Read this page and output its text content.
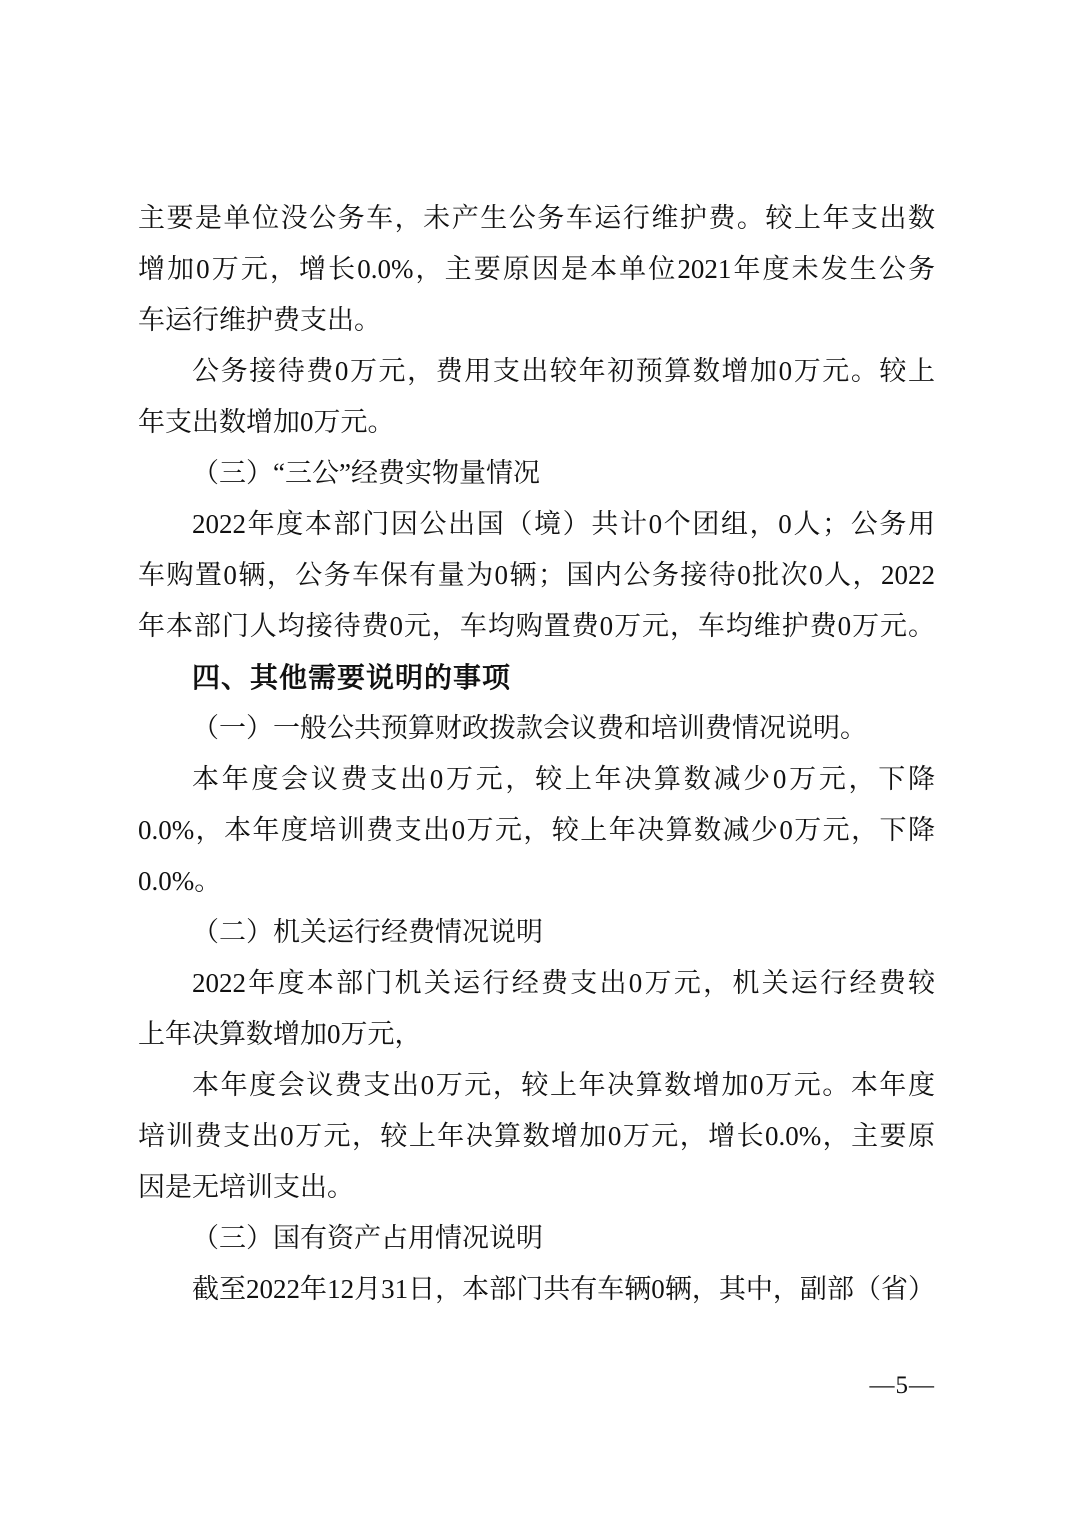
主要是单位没公务车，未产生公务车运行维护费。较上年支出数

增加0万元，增长0.0%，主要原因是本单位2021年度未发生公务

车运行维护费支出。

公务接待费0万元，费用支出较年初预算数增加0万元。较上

年支出数增加0万元。

（三）“三公”经费实物量情况

2022年度本部门因公出国（境）共计0个团组，0人；公务用

车购置0辆，公务车保有量为0辆；国内公务接待0批次0人，2022

年本部门人均接待费0元，车均购置费0万元，车均维护费0万元。

四、其他需要说明的事项

（一）一般公共预算财政拨款会议费和培训费情况说明。

本年度会议费支出0万元，较上年决算数减少0万元，下降

0.0%，本年度培训费支出0万元，较上年决算数减少0万元，下降

0.0%。

（二）机关运行经费情况说明

2022年度本部门机关运行经费支出0万元，机关运行经费较

上年决算数增加0万元，

本年度会议费支出0万元，较上年决算数增加0万元。本年度

培训费支出0万元，较上年决算数增加0万元，增长0.0%，主要原

因是无培训支出。

（三）国有资产占用情况说明

截至2022年12月31日，本部门共有车辆0辆，其中，副部（省）

—5—
